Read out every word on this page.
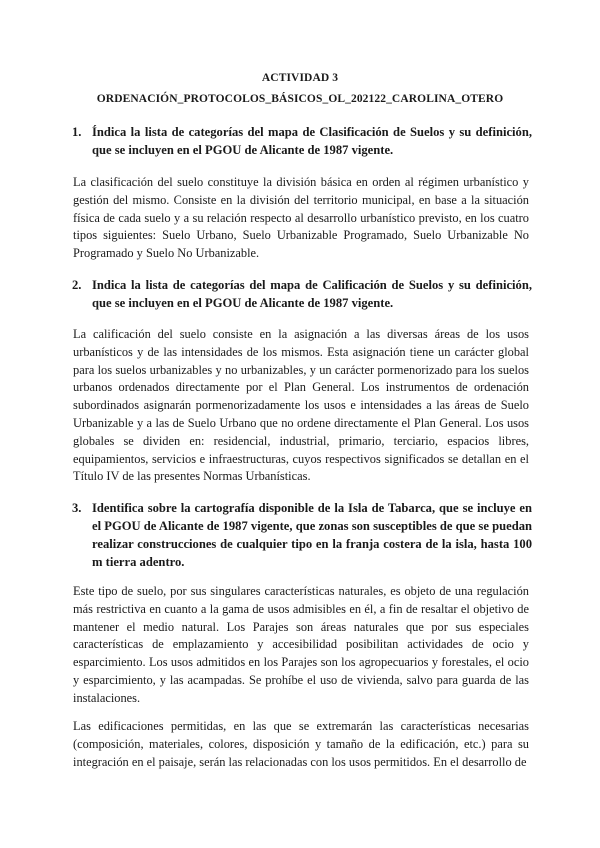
ACTIVIDAD 3
ORDENACIÓN_PROTOCOLOS_BÁSICOS_OL_202122_CAROLINA_OTERO
1. Índica la lista de categorías del mapa de Clasificación de Suelos y su definición, que se incluyen en el PGOU de Alicante de 1987 vigente.
La clasificación del suelo constituye la división básica en orden al régimen urbanístico y gestión del mismo. Consiste en la división del territorio municipal, en base a la situación física de cada suelo y a su relación respecto al desarrollo urbanístico previsto, en los cuatro tipos siguientes: Suelo Urbano, Suelo Urbanizable Programado, Suelo Urbanizable No Programado y Suelo No Urbanizable.
2. Indica la lista de categorías del mapa de Calificación de Suelos y su definición, que se incluyen en el PGOU de Alicante de 1987 vigente.
La calificación del suelo consiste en la asignación a las diversas áreas de los usos urbanísticos y de las intensidades de los mismos. Esta asignación tiene un carácter global para los suelos urbanizables y no urbanizables, y un carácter pormenorizado para los suelos urbanos ordenados directamente por el Plan General. Los instrumentos de ordenación subordinados asignarán pormenorizadamente los usos e intensidades a las áreas de Suelo Urbanizable y a las de Suelo Urbano que no ordene directamente el Plan General. Los usos globales se dividen en: residencial, industrial, primario, terciario, espacios libres, equipamientos, servicios e infraestructuras, cuyos respectivos significados se detallan en el Título IV de las presentes Normas Urbanísticas.
3. Identifica sobre la cartografía disponible de la Isla de Tabarca, que se incluye en el PGOU de Alicante de 1987 vigente, que zonas son susceptibles de que se puedan realizar construcciones de cualquier tipo en la franja costera de la isla, hasta 100 m tierra adentro.
Este tipo de suelo, por sus singulares características naturales, es objeto de una regulación más restrictiva en cuanto a la gama de usos admisibles en él, a fin de resaltar el objetivo de mantener el medio natural. Los Parajes son áreas naturales que por sus especiales características de emplazamiento y accesibilidad posibilitan actividades de ocio y esparcimiento. Los usos admitidos en los Parajes son los agropecuarios y forestales, el ocio y esparcimiento, y las acampadas. Se prohíbe el uso de vivienda, salvo para guarda de las instalaciones.
Las edificaciones permitidas, en las que se extremarán las características necesarias (composición, materiales, colores, disposición y tamaño de la edificación, etc.) para su integración en el paisaje, serán las relacionadas con los usos permitidos. En el desarrollo de
